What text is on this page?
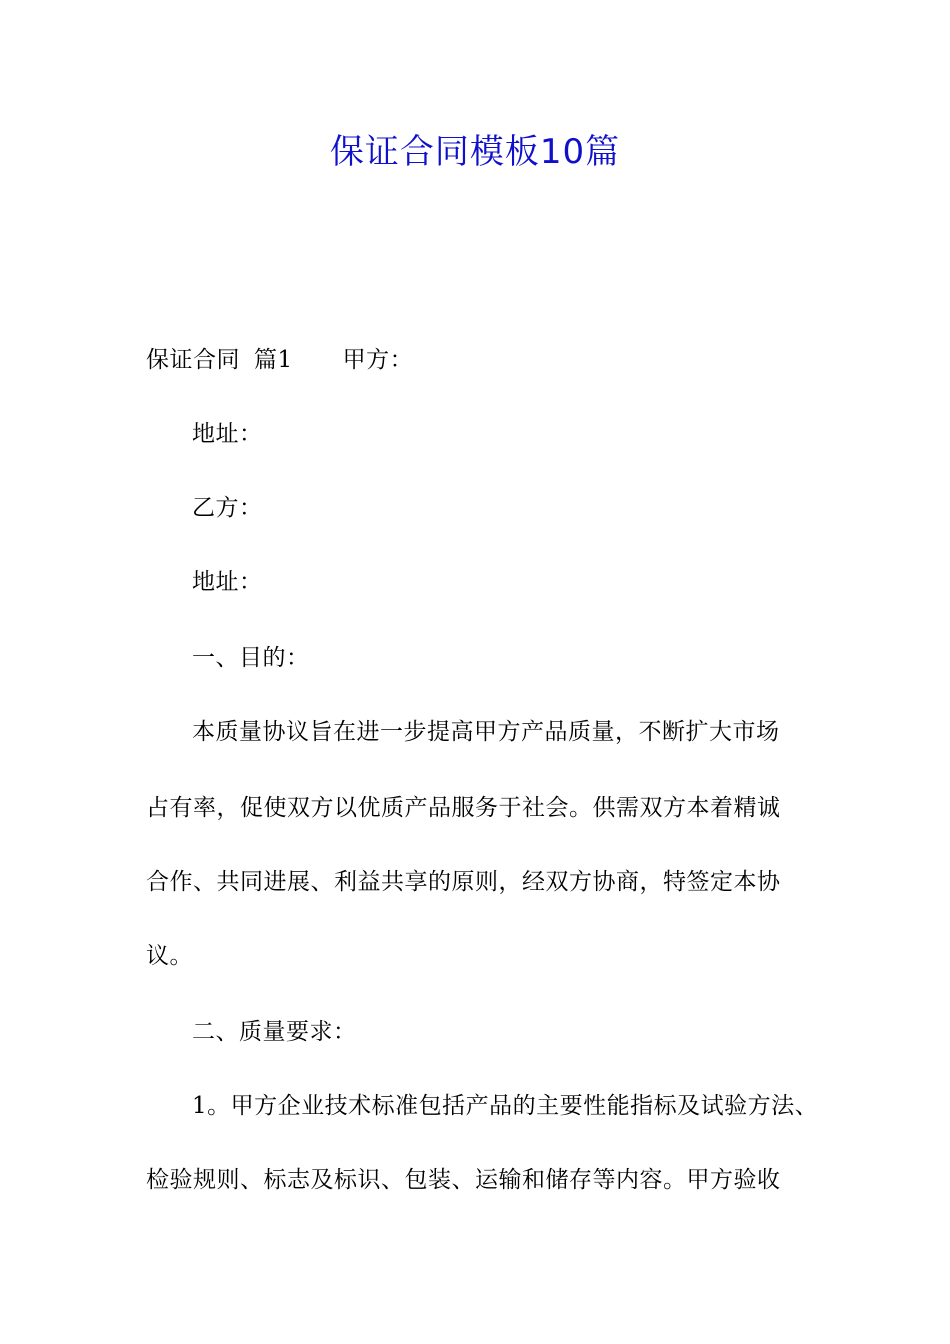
保证合同模板10篇
保证合同 篇1 甲方：
地址：
乙方：
地址：
一、目的：
本质量协议旨在进一步提高甲方产品质量，不断扩大市场
占有率，促使双方以优质产品服务于社会。供需双方本着精诚
合作、共同进展、利益共享的原则，经双方协商，特签定本协
议。
二、质量要求：
1。甲方企业技术标准包括产品的主要性能指标及试验方法、
检验规则、标志及标识、包装、运输和储存等内容。甲方验收
